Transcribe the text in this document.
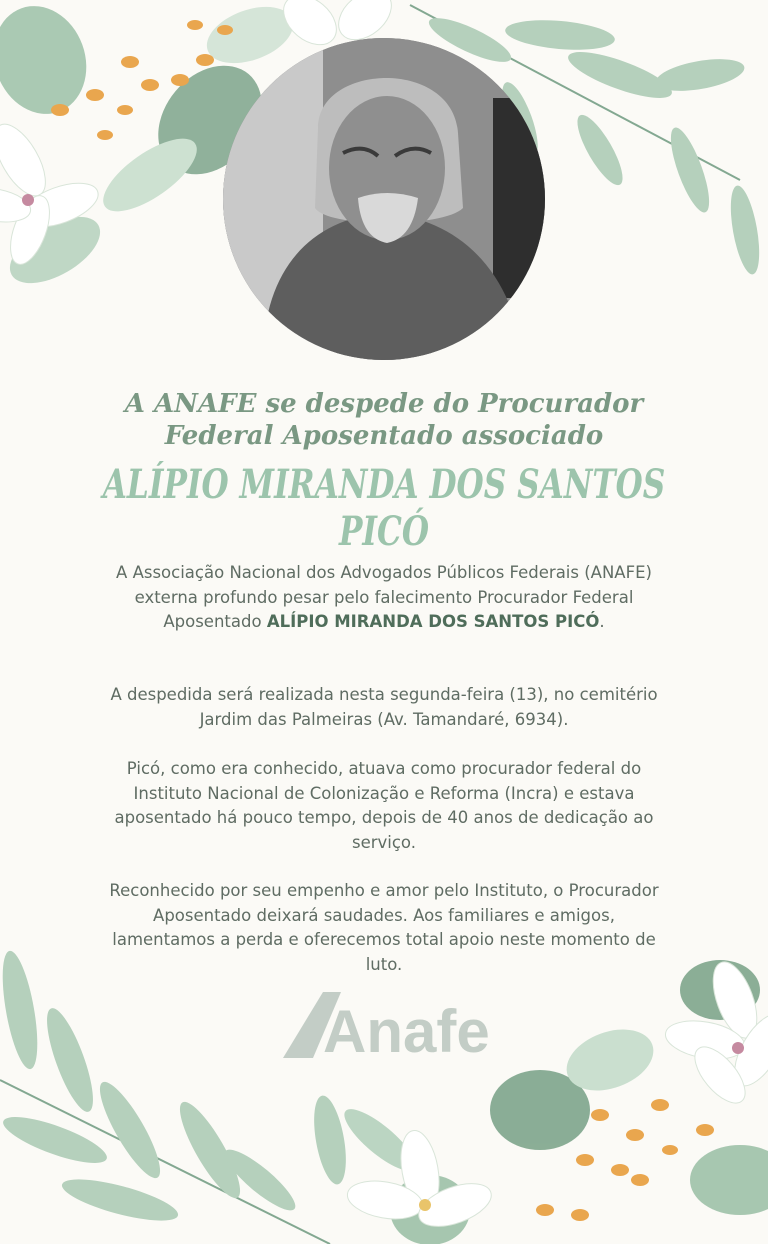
A ANAFE se despede do Procurador
Federal Aposentado associado
ALÍPIO MIRANDA DOS SANTOS PICÓ
A Associação Nacional dos Advogados Públicos Federais (ANAFE) externa profundo pesar pelo falecimento Procurador Federal Aposentado ALÍPIO MIRANDA DOS SANTOS PICÓ.
A despedida será realizada nesta segunda-feira (13), no cemitério Jardim das Palmeiras (Av. Tamandaré, 6934).
Picó, como era conhecido, atuava como procurador federal do Instituto Nacional de Colonização e Reforma (Incra) e estava aposentado há pouco tempo, depois de 40 anos de dedicação ao serviço.
Reconhecido por seu empenho e amor pelo Instituto, o Procurador Aposentado deixará saudades. Aos familiares e amigos, lamentamos a perda e oferecemos total apoio neste momento de luto.
Anafe
